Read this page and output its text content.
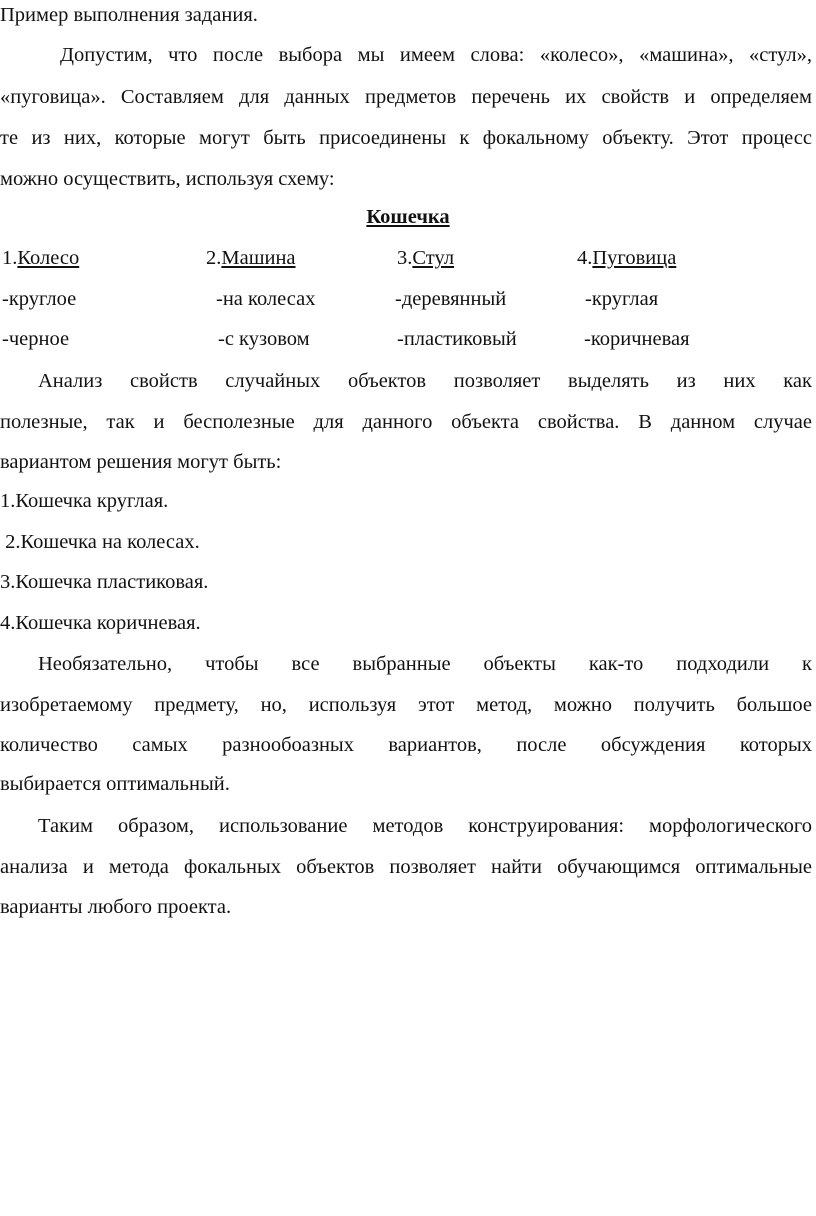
Пример выполнения задания.
Допустим, что после выбора мы имеем слова: «колесо», «машина», «стул»,
«пуговица». Составляем для данных предметов перечень их свойств и определяем
те из них, которые могут быть присоединены к фокальному объекту. Этот процесс
можно осуществить, используя схему:
Кошечка
1.Колесо	2.Машина	3.Стул	4.Пуговица
-круглое	-на колесах	-деревянный	-круглая
-черное	-с кузовом	-пластиковый	-коричневая
Анализ свойств случайных объектов позволяет выделять из них как
полезные, так и бесполезные для данного объекта свойства. В данном случае
вариантом решения могут быть:
1.Кошечка круглая.
2.Кошечка на колесах.
3.Кошечка пластиковая.
4.Кошечка коричневая.
Необязательно, чтобы все выбранные объекты как-то подходили к
изобретаемому предмету, но, используя этот метод, можно получить большое
количество самых разнообоазных вариантов, после обсуждения которых
выбирается оптимальный.
Таким образом, использование методов конструирования: морфологического
анализа и метода фокальных объектов позволяет найти обучающимся оптимальные
варианты любого проекта.
